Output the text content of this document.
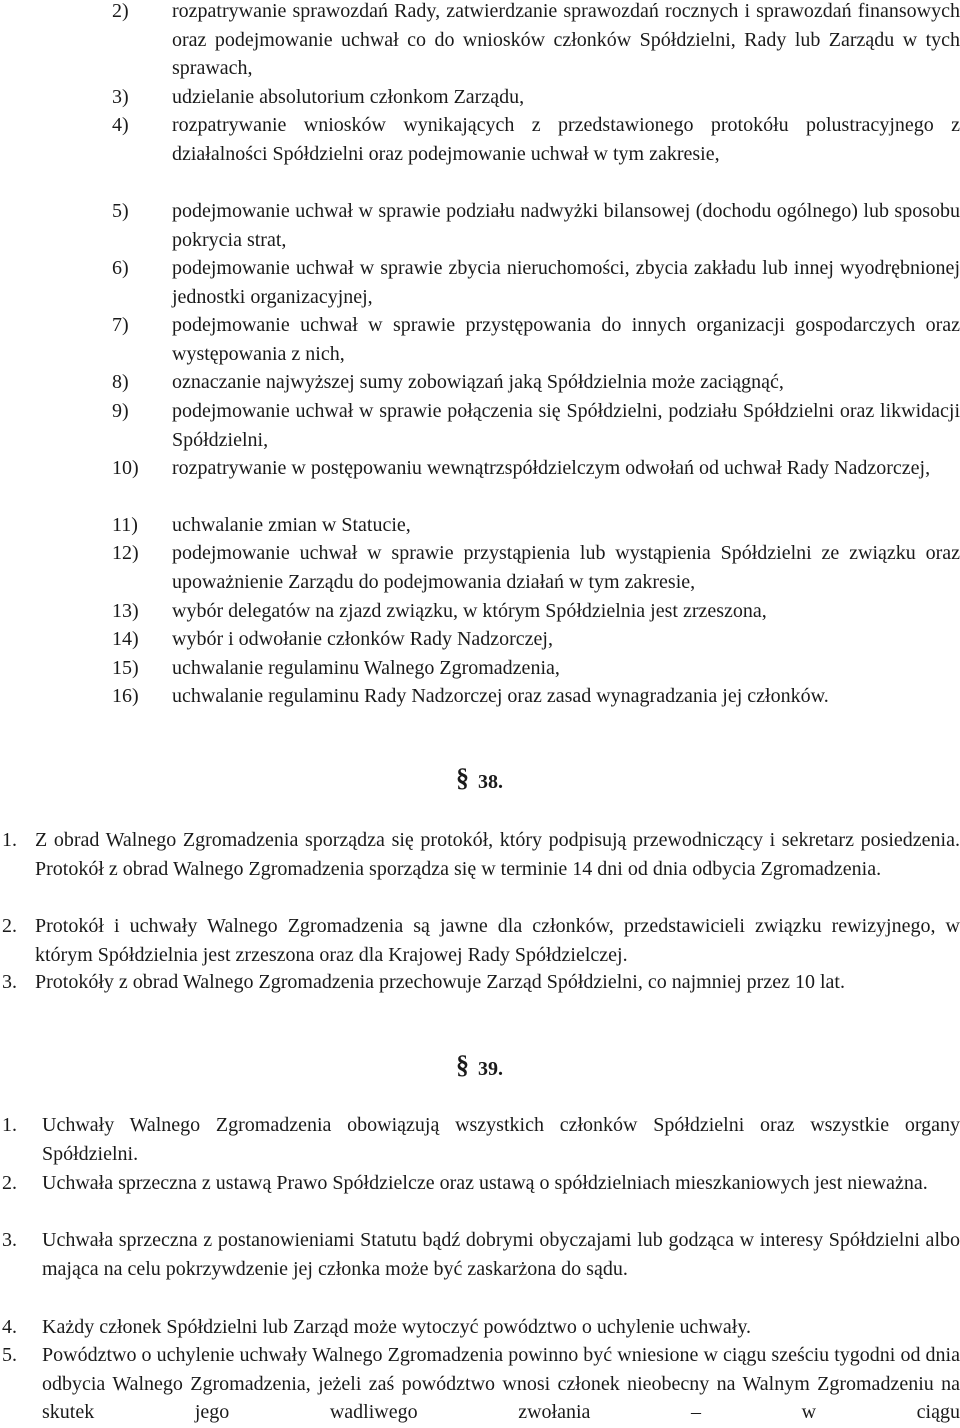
2) rozpatrywanie sprawozdań Rady, zatwierdzanie sprawozdań rocznych i sprawozdań finansowych oraz podejmowanie uchwał co do wniosków członków Spółdzielni, Rady lub Zarządu w tych sprawach,
3) udzielanie absolutorium członkom Zarządu,
4) rozpatrywanie wniosków wynikających z przedstawionego protokółu polustracyjnego z działalności Spółdzielni oraz podejmowanie uchwał w tym zakresie,
5) podejmowanie uchwał w sprawie podziału nadwyżki bilansowej (dochodu ogólnego) lub sposobu pokrycia strat,
6) podejmowanie uchwał w sprawie zbycia nieruchomości, zbycia zakładu lub innej wyodrębnionej jednostki organizacyjnej,
7) podejmowanie uchwał w sprawie przystępowania do innych organizacji gospodarczych oraz występowania z nich,
8) oznaczanie najwyższej sumy zobowiązań jaką Spółdzielnia może zaciągnąć,
9) podejmowanie uchwał w sprawie połączenia się Spółdzielni, podziału Spółdzielni oraz likwidacji Spółdzielni,
10) rozpatrywanie w postępowaniu wewnątrzspółdzielczym odwołań od uchwał Rady Nadzorczej,
11) uchwalanie zmian w Statucie,
12) podejmowanie uchwał w sprawie przystąpienia lub wystąpienia Spółdzielni ze związku oraz upoważnienie Zarządu do podejmowania działań w tym zakresie,
13) wybór delegatów na zjazd związku, w którym Spółdzielnia jest zrzeszona,
14) wybór i odwołanie członków Rady Nadzorczej,
15) uchwalanie regulaminu Walnego Zgromadzenia,
16) uchwalanie regulaminu Rady Nadzorczej oraz zasad wynagradzania jej członków.
§ 38.
1. Z obrad Walnego Zgromadzenia sporządza się protokół, który podpisują przewodniczący i sekretarz posiedzenia. Protokół z obrad Walnego Zgromadzenia sporządza się w terminie 14 dni od dnia odbycia Zgromadzenia.
2. Protokół i uchwały Walnego Zgromadzenia są jawne dla członków, przedstawicieli związku rewizyjnego, w którym Spółdzielnia jest zrzeszona oraz dla Krajowej Rady Spółdzielczej.
3. Protokóły z obrad Walnego Zgromadzenia przechowuje Zarząd Spółdzielni, co najmniej przez 10 lat.
§ 39.
1. Uchwały Walnego Zgromadzenia obowiązują wszystkich członków Spółdzielni oraz wszystkie organy Spółdzielni.
2. Uchwała sprzeczna z ustawą Prawo Spółdzielcze oraz ustawą o spółdzielniach mieszkaniowych jest nieważna.
3. Uchwała sprzeczna z postanowieniami Statutu bądź dobrymi obyczajami lub godząca w interesy Spółdzielni albo mająca na celu pokrzywdzenie jej członka może być zaskarżona do sądu.
4. Każdy członek Spółdzielni lub Zarząd może wytoczyć powództwo o uchylenie uchwały.
5. Powództwo o uchylenie uchwały Walnego Zgromadzenia powinno być wniesione w ciągu sześciu tygodni od dnia odbycia Walnego Zgromadzenia, jeżeli zaś powództwo wnosi członek nieobecny na Walnym Zgromadzeniu na skutek jego wadliwego zwołania – w ciągu
